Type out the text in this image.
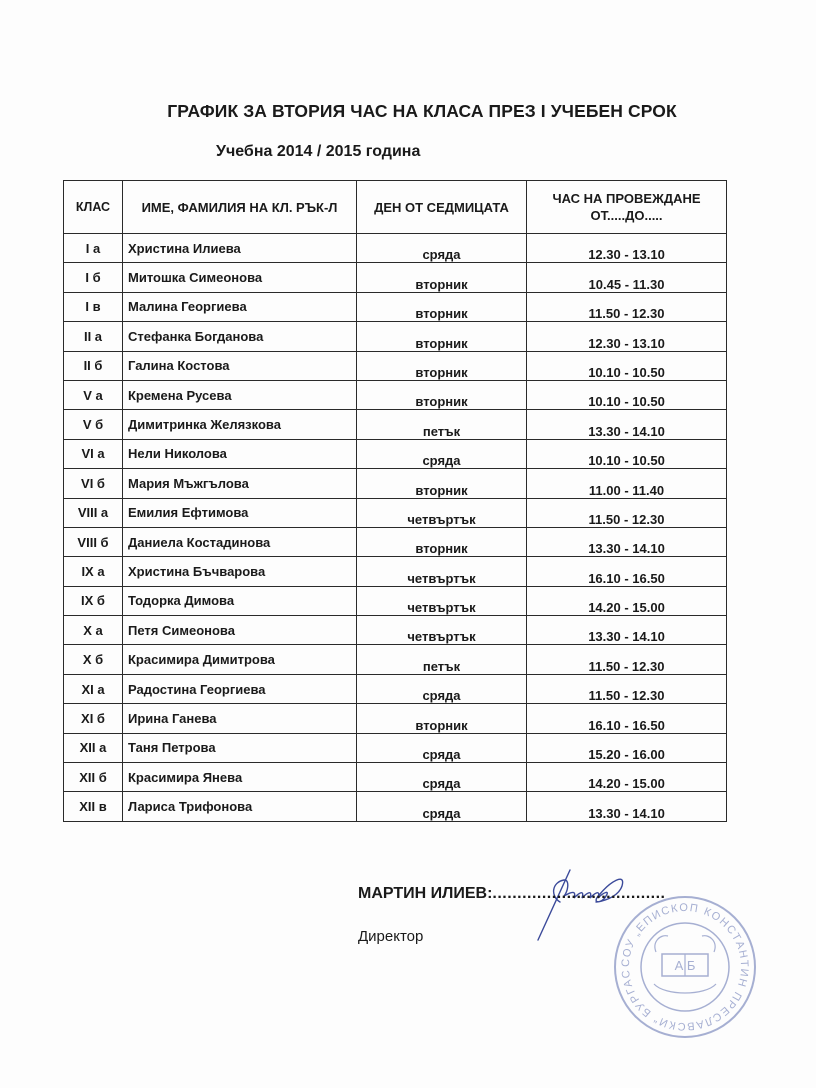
ГРАФИК ЗА ВТОРИЯ ЧАС НА КЛАСА ПРЕЗ I УЧЕБЕН СРОК
Учебна 2014 / 2015 година
КЛАС	ИМЕ, ФАМИЛИЯ НА КЛ. РЪК-Л	ДЕН ОТ СЕДМИЦАТА	ЧАС НА ПРОВЕЖДАНЕ
ОТ.....ДО.....

I а	Христина Илиева	сряда	12.30 - 13.10
I б	Митошка Симеонова	вторник	10.45 - 11.30
I в	Малина Георгиева	вторник	11.50 - 12.30
II а	Стефанка Богданова	вторник	12.30 - 13.10
II б	Галина Костова	вторник	10.10 - 10.50
V а	Кремена Русева	вторник	10.10 - 10.50
V б	Димитринка Желязкова	петък	13.30 - 14.10
VI а	Нели Николова	сряда	10.10 - 10.50
VI б	Мария Мъжгълова	вторник	11.00 - 11.40
VIII а	Емилия Ефтимова	четвъртък	11.50 - 12.30
VIII б	Даниела Костадинова	вторник	13.30 - 14.10
IX а	Христина Бъчварова	четвъртък	16.10 - 16.50
IX б	Тодорка Димова	четвъртък	14.20 - 15.00
X а	Петя Симеонова	четвъртък	13.30 - 14.10
X б	Красимира Димитрова	петък	11.50 - 12.30
XI а	Радостина Георгиева	сряда	11.50 - 12.30
XI б	Ирина Ганева	вторник	16.10 - 16.50
XII а	Таня Петрова	сряда	15.20 - 16.00
XII б	Красимира Янева	сряда	14.20 - 15.00
XII в	Лариса Трифонова	сряда	13.30 - 14.10
МАРТИН ИЛИЕВ:...................................
Директор
СОУ „ЕПИСКОП КОНСТАНТИН ПРЕСЛАВСКИ“ БУРГАС
А Б
